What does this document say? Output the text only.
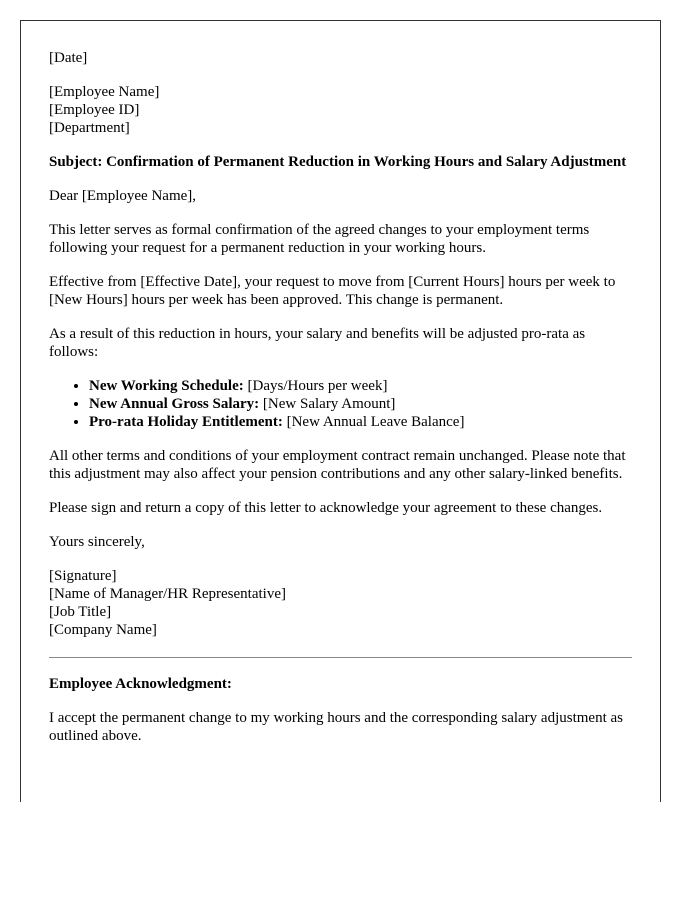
[Date]

[Employee Name]
[Employee ID]
[Department]

Subject: Confirmation of Permanent Reduction in Working Hours and Salary Adjustment

Dear [Employee Name],

This letter serves as formal confirmation of the agreed changes to your employment terms following your request for a permanent reduction in your working hours.

Effective from [Effective Date], your request to move from [Current Hours] hours per week to [New Hours] hours per week has been approved. This change is permanent.

As a result of this reduction in hours, your salary and benefits will be adjusted pro-rata as follows:

• New Working Schedule: [Days/Hours per week]
• New Annual Gross Salary: [New Salary Amount]
• Pro-rata Holiday Entitlement: [New Annual Leave Balance]

All other terms and conditions of your employment contract remain unchanged. Please note that this adjustment may also affect your pension contributions and any other salary-linked benefits.

Please sign and return a copy of this letter to acknowledge your agreement to these changes.

Yours sincerely,

[Signature]
[Name of Manager/HR Representative]
[Job Title]
[Company Name]

Employee Acknowledgment:

I accept the permanent change to my working hours and the corresponding salary adjustment as outlined above.
